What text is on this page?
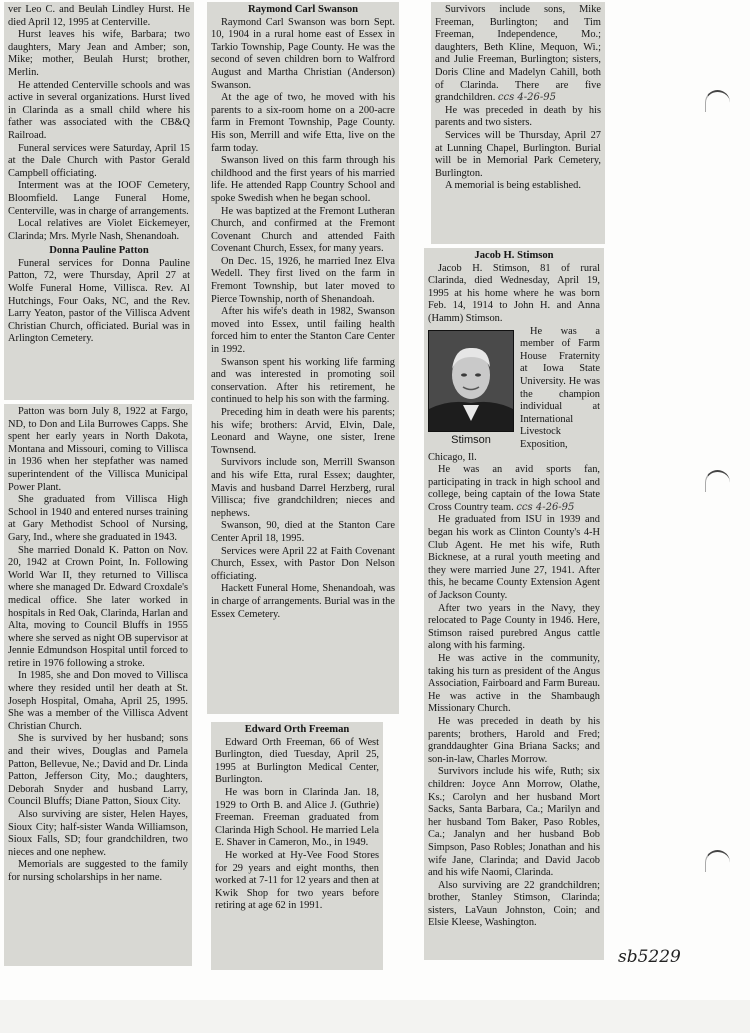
ver Leo C. and Beulah Lindley Hurst. He died April 12, 1995 at Centerville.

Hurst leaves his wife, Barbara; two daughters, Mary Jean and Amber; son, Mike; mother, Beulah Hurst; brother, Merlin.

He attended Centerville schools and was active in several organizations. Hurst lived in Clarinda as a small child where his father was associated with the CB&Q Railroad.

Funeral services were Saturday, April 15 at the Dale Church with Pastor Gerald Campbell officiating.

Interment was at the IOOF Cemetery, Bloomfield. Lange Funeral Home, Centerville, was in charge of arrangements.

Local relatives are Violet Eickemeyer, Clarinda; Mrs. Myrle Nash, Shenandoah.

Donna Pauline Patton

Funeral services for Donna Pauline Patton, 72, were Thursday, April 27 at Wolfe Funeral Home, Villisca. Rev. Al Hutchings, Four Oaks, NC, and the Rev. Larry Yeaton, pastor of the Villisca Advent Christian Church, officiated. Burial was in Arlington Cemetery.

Patton was born July 8, 1922 at Fargo, ND, to Don and Lila Burrowes Capps. She spent her early years in North Dakota, Montana and Missouri, coming to Villisca in 1936 when her stepfather was named superintendent of the Villisca Municipal Power Plant.

She graduated from Villisca High School in 1940 and entered nurses training at Gary Methodist School of Nursing, Gary, Ind., where she graduated in 1943.

She married Donald K. Patton on Nov. 20, 1942 at Crown Point, In. Following World War II, they returned to Villisca where she managed Dr. Edward Croxdale's medical office. She later worked in hospitals in Red Oak, Clarinda, Harlan and Alta, moving to Council Bluffs in 1955 where she served as night OB supervisor at Jennie Edmundson Hospital until forced to retire in 1976 following a stroke.

In 1985, she and Don moved to Villisca where they resided until her death at St. Joseph Hospital, Omaha, April 25, 1995. She was a member of the Villisca Advent Christian Church.

She is survived by her husband; sons and their wives, Douglas and Pamela Patton, Bellevue, Ne.; David and Dr. Linda Patton, Jefferson City, Mo.; daughters, Deborah Snyder and husband Larry, Council Bluffs; Diane Patton, Sioux City.

Also surviving are sister, Helen Hayes, Sioux City; half-sister Wanda Williamson, Sioux Falls, SD; four grandchildren, two nieces and one nephew.

Memorials are suggested to the family for nursing scholarships in her name.

Raymond Carl Swanson

Raymond Carl Swanson was born Sept. 10, 1904 in a rural home east of Essex in Tarkio Township, Page County. He was the second of seven children born to Walfrord August and Martha Christian (Anderson) Swanson.

At the age of two, he moved with his parents to a six-room home on a 200-acre farm in Fremont Township, Page County. His son, Merrill and wife Etta, live on the farm today.

Swanson lived on this farm through his childhood and the first years of his married life. He attended Rapp Country School and spoke Swedish when he began school.

He was baptized at the Fremont Lutheran Church, and confirmed at the Fremont Covenant Church and attended Faith Covenant Church, Essex, for many years.

On Dec. 15, 1926, he married Inez Elva Wedell. They first lived on the farm in Fremont Township, but later moved to Pierce Township, north of Shenandoah.

After his wife's death in 1982, Swanson moved into Essex, until failing health forced him to enter the Stanton Care Center in 1992.

Swanson spent his working life farming and was interested in promoting soil conservation. After his retirement, he continued to help his son with the farming.

Preceding him in death were his parents; his wife; brothers: Arvid, Elvin, Dale, Leonard and Wayne, one sister, Irene Townsend.

Survivors include son, Merrill Swanson and his wife Etta, rural Essex; daughter, Mavis and husband Darrel Herzberg, rural Villisca; five grandchildren; nieces and nephews.

Swanson, 90, died at the Stanton Care Center April 18, 1995.

Services were April 22 at Faith Covenant Church, Essex, with Pastor Don Nelson officiating.

Hackett Funeral Home, Shenandoah, was in charge of arrangements. Burial was in the Essex Cemetery.

Edward Orth Freeman

Edward Orth Freeman, 66 of West Burlington, died Tuesday, April 25, 1995 at Burlington Medical Center, Burlington.

He was born in Clarinda Jan. 18, 1929 to Orth B. and Alice J. (Guthrie) Freeman. Freeman graduated from Clarinda High School. He married Lela E. Shaver in Cameron, Mo., in 1949.

He worked at Hy-Vee Food Stores for 29 years and eight months, then worked at 7-11 for 12 years and then at Kwik Shop for two years before retiring at age 62 in 1991.

Survivors include sons, Mike Freeman, Burlington; and Tim Freeman, Independence, Mo.; daughters, Beth Kline, Mequon, Wi.; and Julie Freeman, Burlington; sisters, Doris Cline and Madelyn Cahill, both of Clarinda. There are five grandchildren. ccs 4-26-95

He was preceded in death by his parents and two sisters.

Services will be Thursday, April 27 at Lunning Chapel, Burlington. Burial will be in Memorial Park Cemetery, Burlington.

A memorial is being established.

Jacob H. Stimson

Jacob H. Stimson, 81 of rural Clarinda, died Wednesday, April 19, 1995 at his home where he was born Feb. 14, 1914 to John H. and Anna (Hamm) Stimson.

Stimson

He was a member of Farm House Fraternity at Iowa State University. He was the champion individual at International Livestock Exposition, Chicago, Il.

He was an avid sports fan, participating in track in high school and college, being captain of the Iowa State Cross Country team. ccs 4-26-95

He graduated from ISU in 1939 and began his work as Clinton County's 4-H Club Agent. He met his wife, Ruth Bicknese, at a rural youth meeting and they were married June 27, 1941. After this, he became County Extension Agent of Jackson County.

After two years in the Navy, they relocated to Page County in 1946. Here, Stimson raised purebred Angus cattle along with his farming.

He was active in the community, taking his turn as president of the Angus Association, Fairboard and Farm Bureau. He was active in the Shambaugh Missionary Church.

He was preceded in death by his parents; brothers, Harold and Fred; granddaughter Gina Briana Sacks; and son-in-law, Charles Morrow.

Survivors include his wife, Ruth; six children: Joyce Ann Morrow, Olathe, Ks.; Carolyn and her husband Mort Sacks, Santa Barbara, Ca.; Marilyn and her husband Tom Baker, Paso Robles, Ca.; Janalyn and her husband Bob Simpson, Paso Robles; Jonathan and his wife Jane, Clarinda; and David Jacob and his wife Naomi, Clarinda.

Also surviving are 22 grandchildren; brother, Stanley Stimson, Clarinda; sisters, LaVaun Johnston, Coin; and Elsie Kleese, Washington.

sb5229
